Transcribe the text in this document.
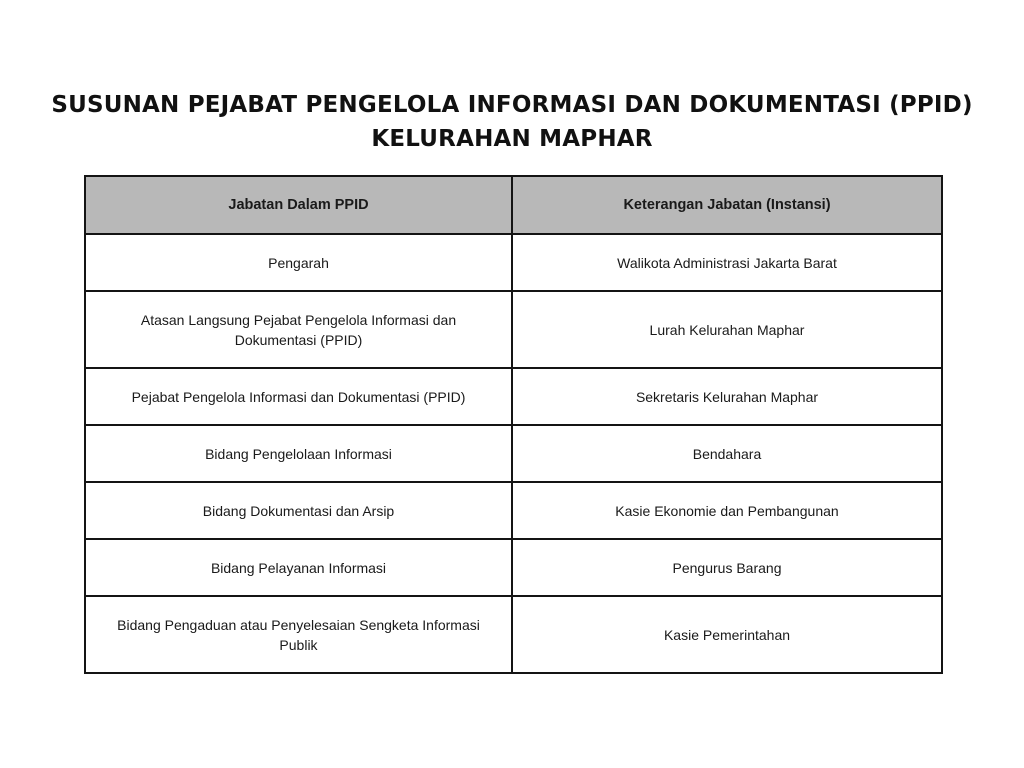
SUSUNAN PEJABAT PENGELOLA INFORMASI DAN DOKUMENTASI (PPID)
KELURAHAN MAPHAR
Jabatan Dalam PPID	Keterangan Jabatan (Instansi)
Pengarah	Walikota Administrasi Jakarta Barat
Atasan Langsung Pejabat Pengelola Informasi dan Dokumentasi (PPID)	Lurah Kelurahan Maphar
Pejabat Pengelola Informasi dan Dokumentasi (PPID)	Sekretaris Kelurahan Maphar
Bidang Pengelolaan Informasi	Bendahara
Bidang Dokumentasi dan Arsip	Kasie Ekonomie dan Pembangunan
Bidang Pelayanan Informasi	Pengurus Barang
Bidang Pengaduan atau Penyelesaian Sengketa Informasi Publik	Kasie Pemerintahan
